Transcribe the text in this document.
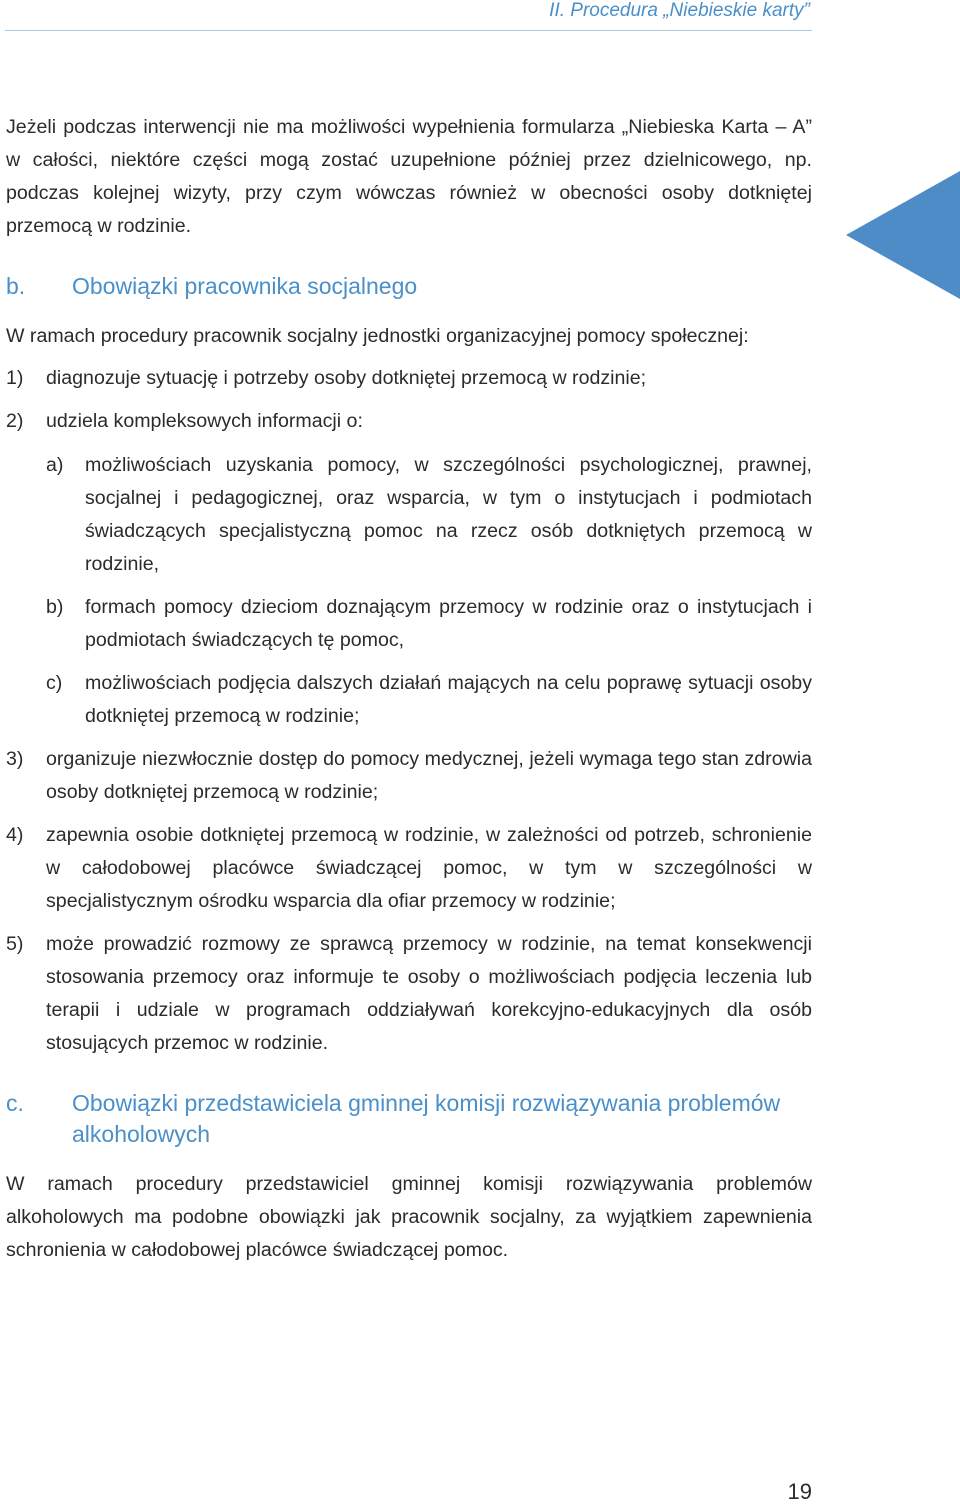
II. Procedura „Niebieskie karty”

Jeżeli podczas interwencji nie ma możliwości wypełnienia formularza „Niebieska Karta – A” w całości, niektóre części mogą zostać uzupełnione później przez dzielnicowego, np. podczas kolejnej wizyty, przy czym wówczas również w obecności osoby dotkniętej przemocą w rodzinie.

b.	Obowiązki pracownika socjalnego

W ramach procedury pracownik socjalny jednostki organizacyjnej pomocy społecznej:

1)	diagnozuje sytuację i potrzeby osoby dotkniętej przemocą w rodzinie;
2)	udziela kompleksowych informacji o:
a)	możliwościach uzyskania pomocy, w szczególności psychologicznej, prawnej, socjalnej i pedagogicznej, oraz wsparcia, w tym o instytucjach i podmiotach świadczących specjalistyczną pomoc na rzecz osób dotkniętych przemocą w rodzinie,
b)	formach pomocy dzieciom doznającym przemocy w rodzinie oraz o instytucjach i podmiotach świadczących tę pomoc,
c)	możliwościach podjęcia dalszych działań mających na celu poprawę sytuacji osoby dotkniętej przemocą w rodzinie;
3)	organizuje niezwłocznie dostęp do pomocy medycznej, jeżeli wymaga tego stan zdrowia osoby dotkniętej przemocą w rodzinie;
4)	zapewnia osobie dotkniętej przemocą w rodzinie, w zależności od potrzeb, schronienie w całodobowej placówce świadczącej pomoc, w tym w szczególności w specjalistycznym ośrodku wsparcia dla ofiar przemocy w rodzinie;
5)	może prowadzić rozmowy ze sprawcą przemocy w rodzinie, na temat konsekwencji stosowania przemocy oraz informuje te osoby o możliwościach podjęcia leczenia lub terapii i udziale w programach oddziaływań korekcyjno-edukacyjnych dla osób stosujących przemoc w rodzinie.
c.	Obowiązki przedstawiciela gminnej komisji rozwiązywania problemów alkoholowych

W ramach procedury przedstawiciel gminnej komisji rozwiązywania problemów alkoholowych ma podobne obowiązki jak pracownik socjalny, za wyjątkiem zapewnienia schronienia w całodobowej placówce świadczącej pomoc.

19
